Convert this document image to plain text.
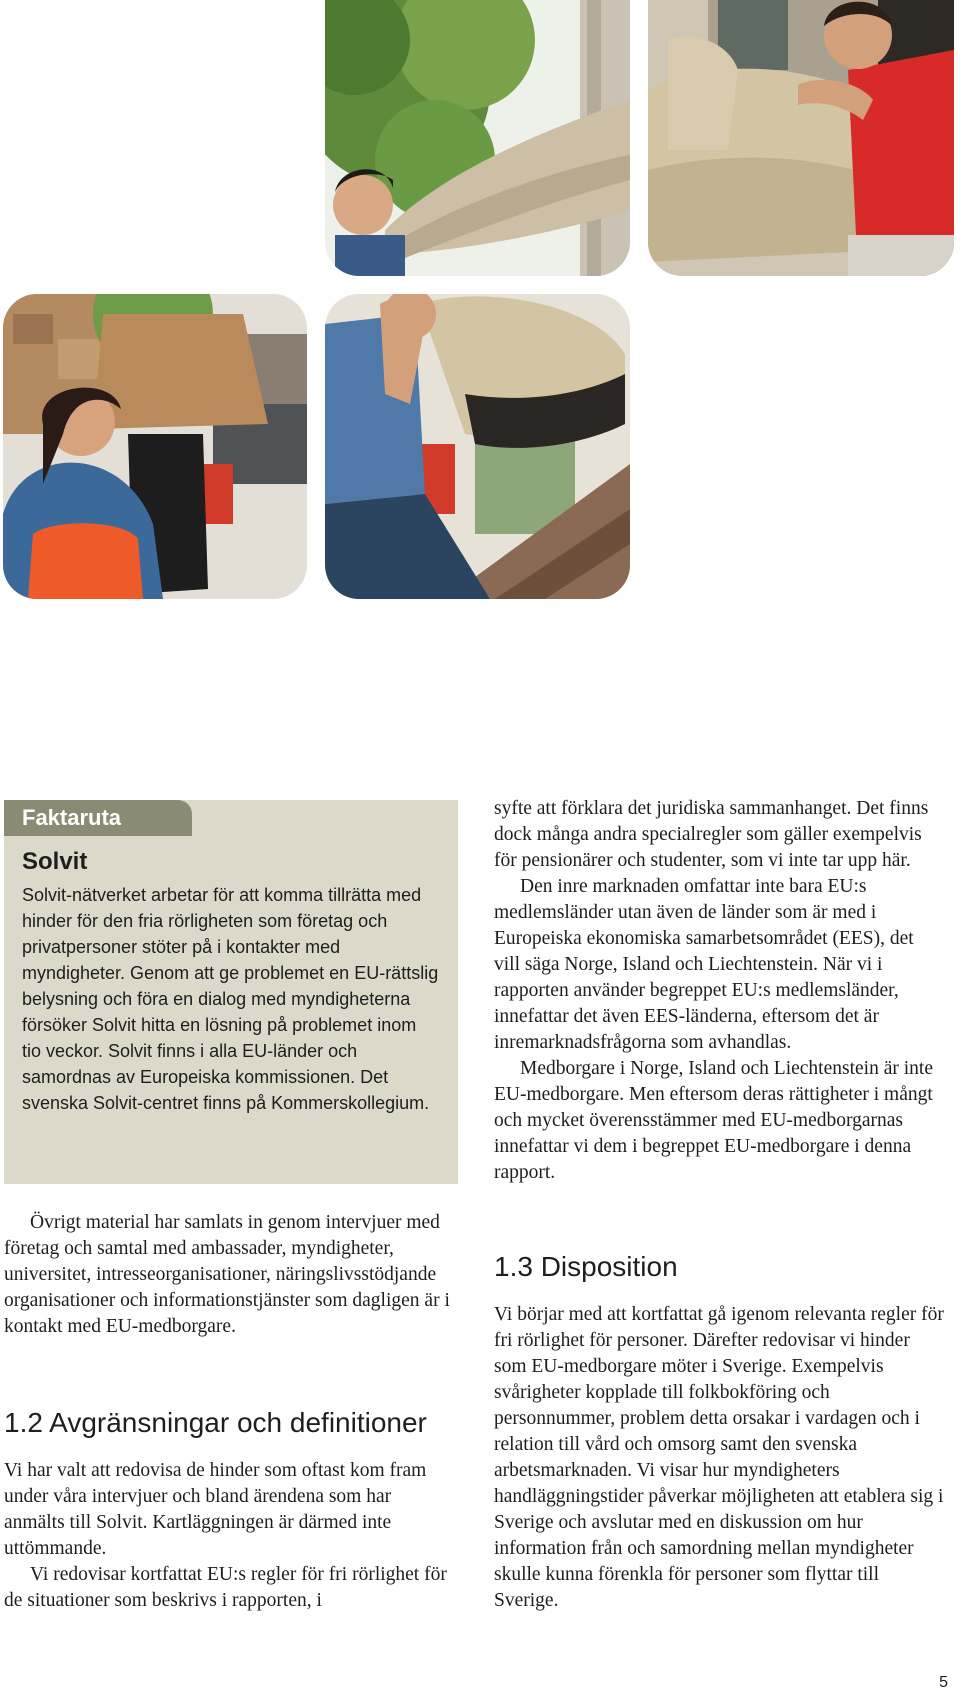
Faktaruta
Solvit

Solvit-nätverket arbetar för att komma tillrätta med hinder för den fria rörligheten som företag och privatpersoner stöter på i kontakter med myndigheter. Genom att ge problemet en EU-rättslig belysning och föra en dialog med myndigheterna försöker Solvit hitta en lösning på problemet inom tio veckor. Solvit finns i alla EU-länder och samordnas av Europeiska kommissionen. Det svenska Solvit-centret finns på Kommerskollegium.

Övrigt material har samlats in genom intervjuer med företag och samtal med ambassader, myndigheter, universitet, intresseorganisationer, näringslivsstödjande organisationer och informationstjänster som dagligen är i kontakt med EU-medborgare.

1.2 Avgränsningar och definitioner

Vi har valt att redovisa de hinder som oftast kom fram under våra intervjuer och bland ärendena som har anmälts till Solvit. Kartläggningen är därmed inte uttömmande.

Vi redovisar kortfattat EU:s regler för fri rörlighet för de situationer som beskrivs i rapporten, i

syfte att förklara det juridiska sammanhanget. Det finns dock många andra specialregler som gäller exempelvis för pensionärer och studenter, som vi inte tar upp här.

Den inre marknaden omfattar inte bara EU:s medlemsländer utan även de länder som är med i Europeiska ekonomiska samarbetsområdet (EES), det vill säga Norge, Island och Liechtenstein. När vi i rapporten använder begreppet EU:s medlemsländer, innefattar det även EES-länderna, eftersom det är inremarknadsfrågorna som avhandlas.

Medborgare i Norge, Island och Liechtenstein är inte EU-medborgare. Men eftersom deras rättigheter i mångt och mycket överensstämmer med EU-medborgarnas innefattar vi dem i begreppet EU-medborgare i denna rapport.

1.3 Disposition

Vi börjar med att kortfattat gå igenom relevanta regler för fri rörlighet för personer. Därefter redovisar vi hinder som EU-medborgare möter i Sverige. Exempelvis svårigheter kopplade till folkbokföring och personnummer, problem detta orsakar i vardagen och i relation till vård och omsorg samt den svenska arbetsmarknaden. Vi visar hur myndigheters handläggningstider påverkar möjligheten att etablera sig i Sverige och avslutar med en diskussion om hur information från och samordning mellan myndigheter skulle kunna förenkla för personer som flyttar till Sverige.

5
